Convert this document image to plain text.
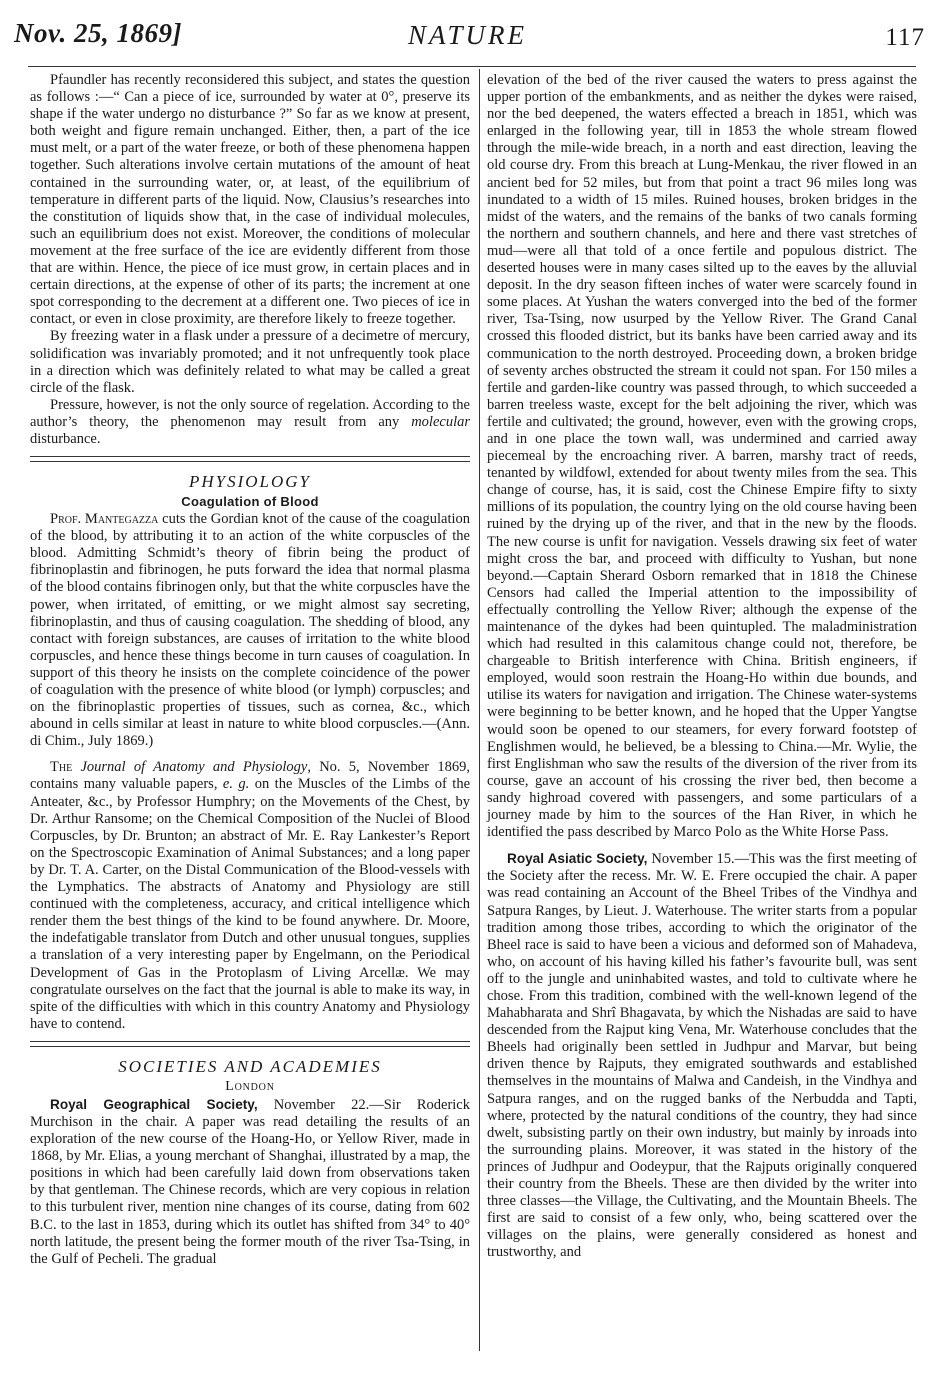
Nov. 25, 1869]	NATURE	117

Pfaundler has recently reconsidered this subject, and states the question as follows :—“ Can a piece of ice, surrounded by water at 0°, preserve its shape if the water undergo no disturbance ?” So far as we know at present, both weight and figure remain unchanged. Either, then, a part of the ice must melt, or a part of the water freeze, or both of these phenomena happen together. Such alterations involve certain mutations of the amount of heat contained in the surrounding water, or, at least, of the equilibrium of temperature in different parts of the liquid. Now, Clausius’s researches into the constitution of liquids show that, in the case of individual molecules, such an equilibrium does not exist. Moreover, the conditions of molecular movement at the free surface of the ice are evidently different from those that are within. Hence, the piece of ice must grow, in certain places and in certain directions, at the expense of other of its parts; the increment at one spot corresponding to the decrement at a different one. Two pieces of ice in contact, or even in close proximity, are therefore likely to freeze together.

By freezing water in a flask under a pressure of a decimetre of mercury, solidification was invariably promoted; and it not unfrequently took place in a direction which was definitely related to what may be called a great circle of the flask.

Pressure, however, is not the only source of regelation. According to the author’s theory, the phenomenon may result from any molecular disturbance.

PHYSIOLOGY
Coagulation of Blood

Prof. Mantegazza cuts the Gordian knot of the cause of the coagulation of the blood, by attributing it to an action of the white corpuscles of the blood. Admitting Schmidt’s theory of fibrin being the product of fibrinoplastin and fibrinogen, he puts forward the idea that normal plasma of the blood contains fibrinogen only, but that the white corpuscles have the power, when irritated, of emitting, or we might almost say secreting, fibrinoplastin, and thus of causing coagulation. The shedding of blood, any contact with foreign substances, are causes of irritation to the white blood corpuscles, and hence these things become in turn causes of coagulation. In support of this theory he insists on the complete coincidence of the power of coagulation with the presence of white blood (or lymph) corpuscles; and on the fibrinoplastic properties of tissues, such as cornea, &c., which abound in cells similar at least in nature to white blood corpuscles.—(Ann. di Chim., July 1869.)

The Journal of Anatomy and Physiology, No. 5, November 1869, contains many valuable papers, e. g. on the Muscles of the Limbs of the Anteater, &c., by Professor Humphry; on the Movements of the Chest, by Dr. Arthur Ransome; on the Chemical Composition of the Nuclei of Blood Corpuscles, by Dr. Brunton; an abstract of Mr. E. Ray Lankester’s Report on the Spectroscopic Examination of Animal Substances; and a long paper by Dr. T. A. Carter, on the Distal Communication of the Blood-vessels with the Lymphatics. The abstracts of Anatomy and Physiology are still continued with the completeness, accuracy, and critical intelligence which render them the best things of the kind to be found anywhere. Dr. Moore, the indefatigable translator from Dutch and other unusual tongues, supplies a translation of a very interesting paper by Engelmann, on the Periodical Development of Gas in the Protoplasm of Living Arcellæ. We may congratulate ourselves on the fact that the journal is able to make its way, in spite of the difficulties with which in this country Anatomy and Physiology have to contend.

SOCIETIES AND ACADEMIES
London

Royal Geographical Society, November 22.—Sir Roderick Murchison in the chair. A paper was read detailing the results of an exploration of the new course of the Hoang-Ho, or Yellow River, made in 1868, by Mr. Elias, a young merchant of Shanghai, illustrated by a map, the positions in which had been carefully laid down from observations taken by that gentleman. The Chinese records, which are very copious in relation to this turbulent river, mention nine changes of its course, dating from 602 B.C. to the last in 1853, during which its outlet has shifted from 34° to 40° north latitude, the present being the former mouth of the river Tsa-Tsing, in the Gulf of Pecheli. The gradual

elevation of the bed of the river caused the waters to press against the upper portion of the embankments, and as neither the dykes were raised, nor the bed deepened, the waters effected a breach in 1851, which was enlarged in the following year, till in 1853 the whole stream flowed through the mile-wide breach, in a north and east direction, leaving the old course dry. From this breach at Lung-Menkau, the river flowed in an ancient bed for 52 miles, but from that point a tract 96 miles long was inundated to a width of 15 miles. Ruined houses, broken bridges in the midst of the waters, and the remains of the banks of two canals forming the northern and southern channels, and here and there vast stretches of mud—were all that told of a once fertile and populous district. The deserted houses were in many cases silted up to the eaves by the alluvial deposit. In the dry season fifteen inches of water were scarcely found in some places. At Yushan the waters converged into the bed of the former river, Tsa-Tsing, now usurped by the Yellow River. The Grand Canal crossed this flooded district, but its banks have been carried away and its communication to the north destroyed. Proceeding down, a broken bridge of seventy arches obstructed the stream it could not span. For 150 miles a fertile and garden-like country was passed through, to which succeeded a barren treeless waste, except for the belt adjoining the river, which was fertile and cultivated; the ground, however, even with the growing crops, and in one place the town wall, was undermined and carried away piecemeal by the encroaching river. A barren, marshy tract of reeds, tenanted by wildfowl, extended for about twenty miles from the sea. This change of course, has, it is said, cost the Chinese Empire fifty to sixty millions of its population, the country lying on the old course having been ruined by the drying up of the river, and that in the new by the floods. The new course is unfit for navigation. Vessels drawing six feet of water might cross the bar, and proceed with difficulty to Yushan, but none beyond.—Captain Sherard Osborn remarked that in 1818 the Chinese Censors had called the Imperial attention to the impossibility of effectually controlling the Yellow River; although the expense of the maintenance of the dykes had been quintupled. The maladministration which had resulted in this calamitous change could not, therefore, be chargeable to British interference with China. British engineers, if employed, would soon restrain the Hoang-Ho within due bounds, and utilise its waters for navigation and irrigation. The Chinese water-systems were beginning to be better known, and he hoped that the Upper Yangtse would soon be opened to our steamers, for every forward footstep of Englishmen would, he believed, be a blessing to China.—Mr. Wylie, the first Englishman who saw the results of the diversion of the river from its course, gave an account of his crossing the river bed, then become a sandy highroad covered with passengers, and some particulars of a journey made by him to the sources of the Han River, in which he identified the pass described by Marco Polo as the White Horse Pass.

Royal Asiatic Society, November 15.—This was the first meeting of the Society after the recess. Mr. W. E. Frere occupied the chair. A paper was read containing an Account of the Bheel Tribes of the Vindhya and Satpura Ranges, by Lieut. J. Waterhouse. The writer starts from a popular tradition among those tribes, according to which the originator of the Bheel race is said to have been a vicious and deformed son of Mahadeva, who, on account of his having killed his father’s favourite bull, was sent off to the jungle and uninhabited wastes, and told to cultivate where he chose. From this tradition, combined with the well-known legend of the Mahabharata and Shrî Bhagavata, by which the Nishadas are said to have descended from the Rajput king Vena, Mr. Waterhouse concludes that the Bheels had originally been settled in Judhpur and Marvar, but being driven thence by Rajputs, they emigrated southwards and established themselves in the mountains of Malwa and Candeish, in the Vindhya and Satpura ranges, and on the rugged banks of the Nerbudda and Tapti, where, protected by the natural conditions of the country, they had since dwelt, subsisting partly on their own industry, but mainly by inroads into the surrounding plains. Moreover, it was stated in the history of the princes of Judhpur and Oodeypur, that the Rajputs originally conquered their country from the Bheels. These are then divided by the writer into three classes—the Village, the Cultivating, and the Mountain Bheels. The first are said to consist of a few only, who, being scattered over the villages on the plains, were generally considered as honest and trustworthy, and
